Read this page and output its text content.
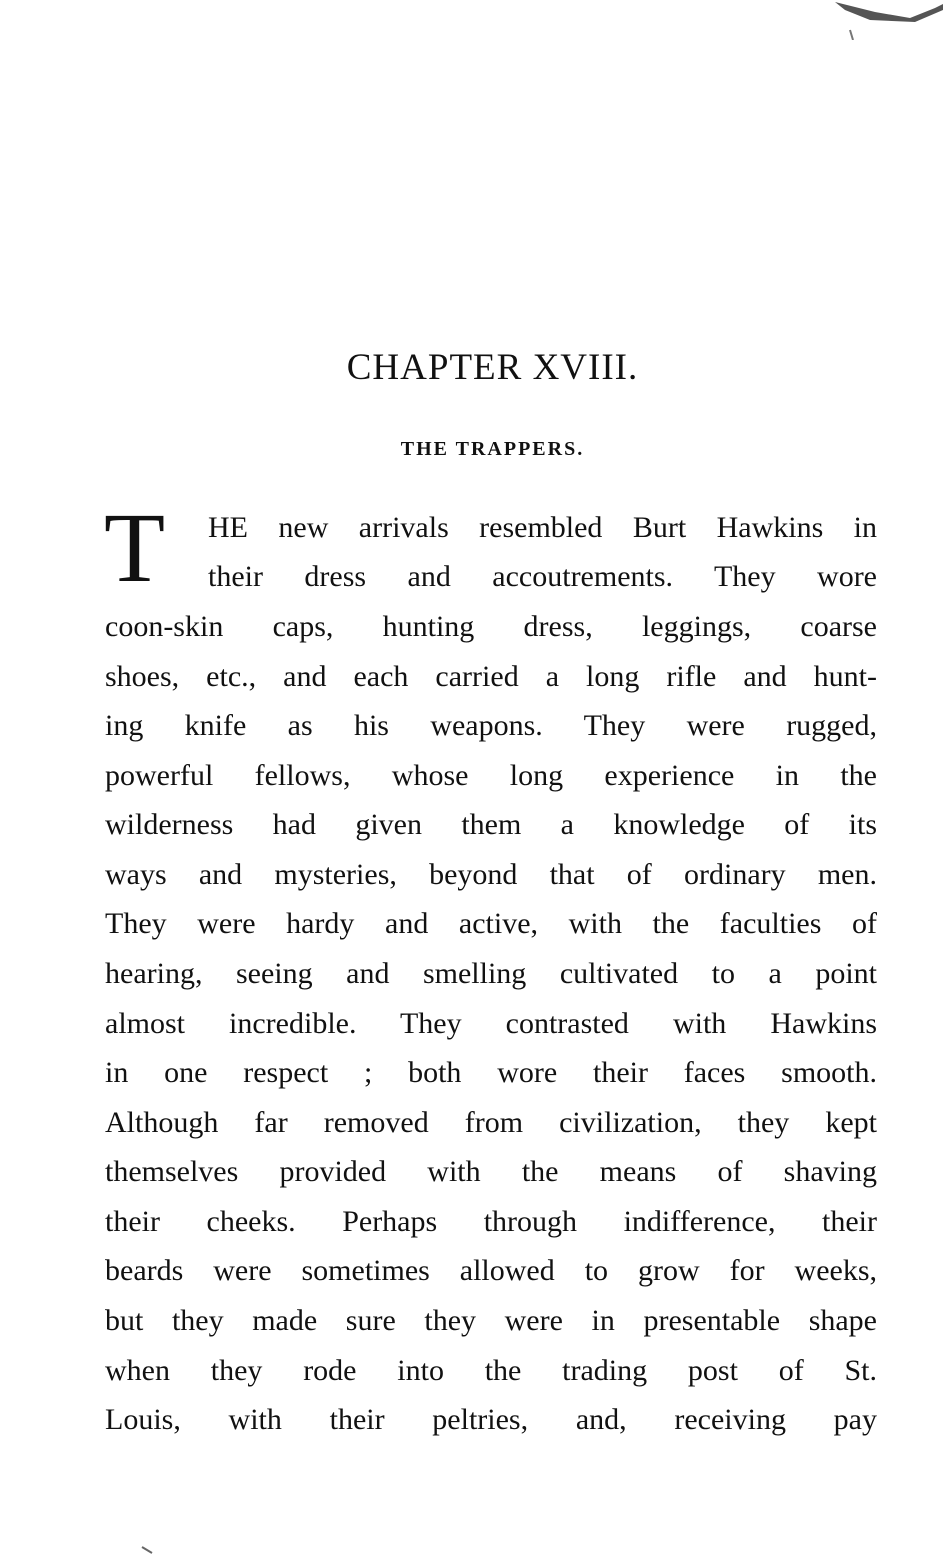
CHAPTER XVIII.
THE TRAPPERS.
T HE new arrivals resembled Burt Hawkins in
their dress and accoutrements. They wore
coon-skin caps, hunting dress, leggings, coarse
shoes, etc., and each carried a long rifle and hunt-
ing knife as his weapons. They were rugged,
powerful fellows, whose long experience in the
wilderness had given them a knowledge of its
ways and mysteries, beyond that of ordinary men.
They were hardy and active, with the faculties of
hearing, seeing and smelling cultivated to a point
almost incredible. They contrasted with Hawkins
in one respect ; both wore their faces smooth.
Although far removed from civilization, they kept
themselves provided with the means of shaving
their cheeks. Perhaps through indifference, their
beards were sometimes allowed to grow for weeks,
but they made sure they were in presentable shape
when they rode into the trading post of St.
Louis, with their peltries, and, receiving pay
